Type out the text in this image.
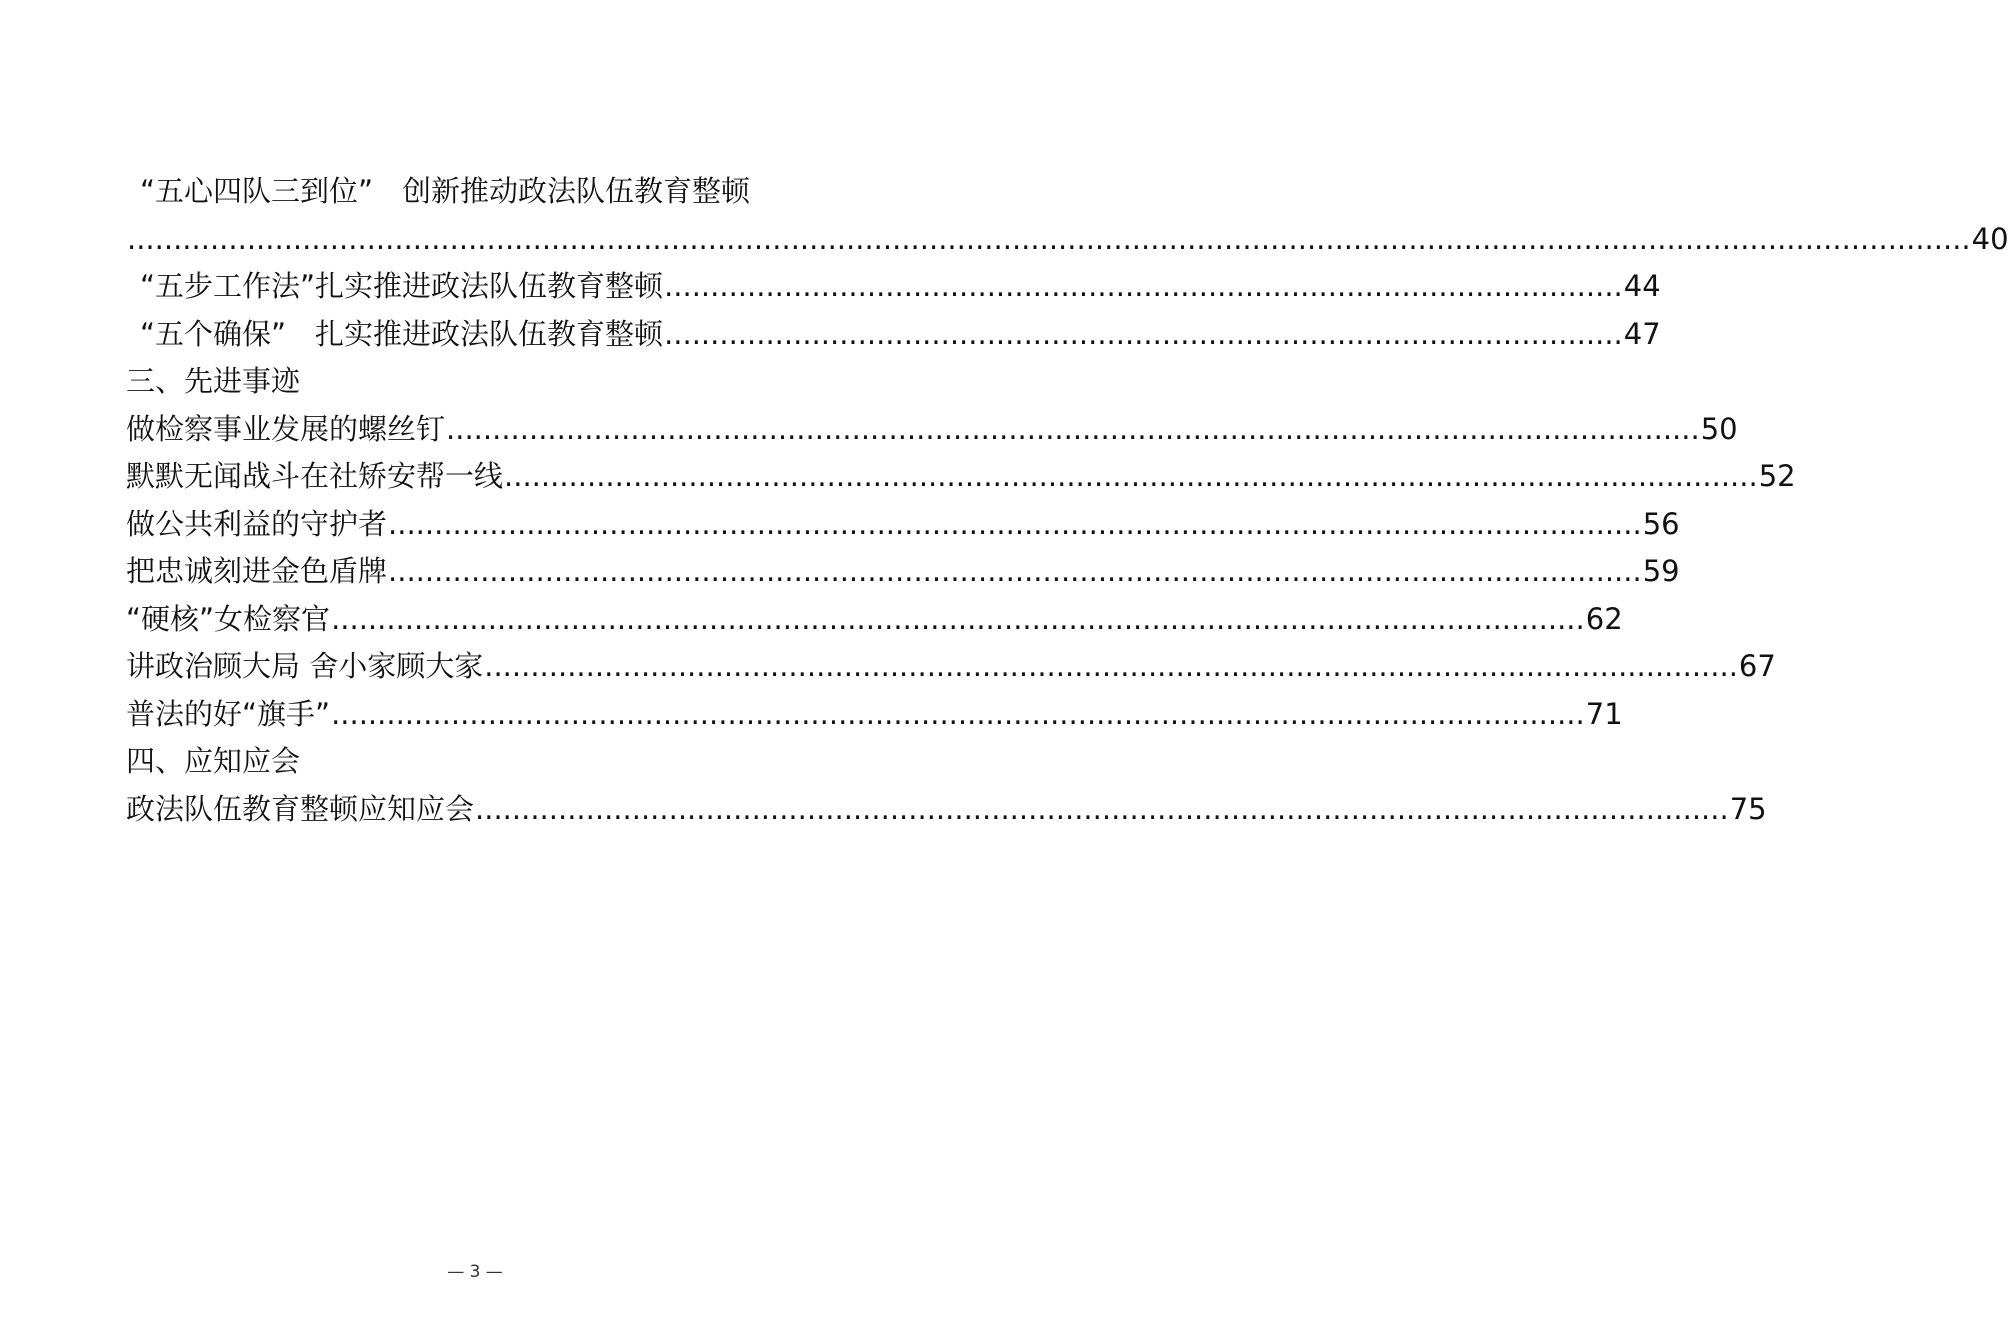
“五心四队三到位”　创新推动政法队伍教育整顿
........................................................................................................................................................................................................ 40
“五步工作法”扎实推进政法队伍教育整顿 ........................................................................................................ 44
“五个确保”　扎实推进政法队伍教育整顿 ........................................................................................................ 47
三、先进事迹
做检察事业发展的螺丝钉 ........................................................................................................................................ 50
默默无闻战斗在社矫安帮一线 ........................................................................................................................................ 52
做公共利益的守护者 ........................................................................................................................................ 56
把忠诚刻进金色盾牌 ........................................................................................................................................ 59
“硬核”女检察官 ........................................................................................................................................ 62
讲政治顾大局 舍小家顾大家 ........................................................................................................................................ 67
普法的好“旗手” ........................................................................................................................................ 71
四、应知应会
政法队伍教育整顿应知应会 ........................................................................................................................................ 75
— 3 —
